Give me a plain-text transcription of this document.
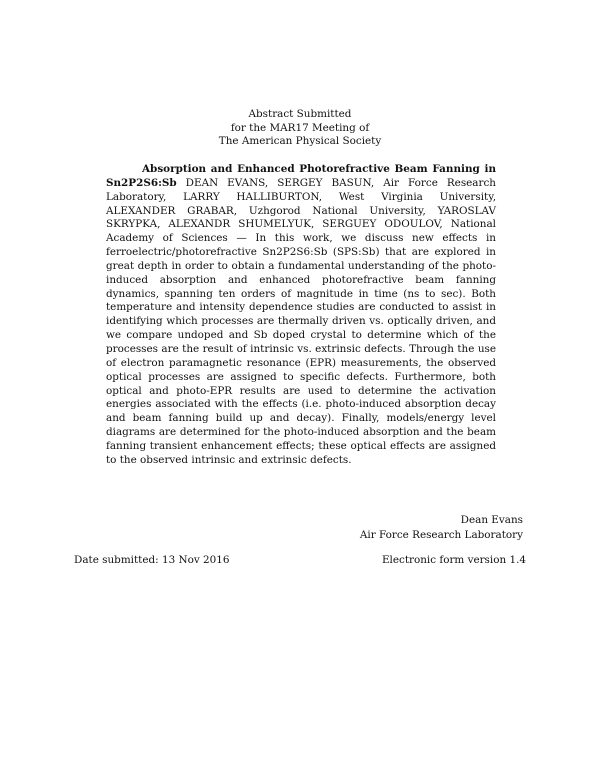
Abstract Submitted
for the MAR17 Meeting of
The American Physical Society

Absorption and Enhanced Photorefractive Beam Fanning in Sn2P2S6:Sb DEAN EVANS, SERGEY BASUN, Air Force Research Laboratory, LARRY HALLIBURTON, West Virginia University, ALEXANDER GRABAR, Uzhgorod National University, YAROSLAV SKRYPKA, ALEXANDR SHUMELYUK, SERGUEY ODOULOV, National Academy of Sciences — In this work, we discuss new effects in ferroelectric/photorefractive Sn2P2S6:Sb (SPS:Sb) that are explored in great depth in order to obtain a fundamental understanding of the photo-induced absorption and enhanced photorefractive beam fanning dynamics, spanning ten orders of magnitude in time (ns to sec). Both temperature and intensity dependence studies are conducted to assist in identifying which processes are thermally driven vs. optically driven, and we compare undoped and Sb doped crystal to determine which of the processes are the result of intrinsic vs. extrinsic defects. Through the use of electron paramagnetic resonance (EPR) measurements, the observed optical processes are assigned to specific defects. Furthermore, both optical and photo-EPR results are used to determine the activation energies associated with the effects (i.e. photo-induced absorption decay and beam fanning build up and decay). Finally, models/energy level diagrams are determined for the photo-induced absorption and the beam fanning transient enhancement effects; these optical effects are assigned to the observed intrinsic and extrinsic defects.

Dean Evans
Air Force Research Laboratory
Date submitted: 13 Nov 2016	Electronic form version 1.4
